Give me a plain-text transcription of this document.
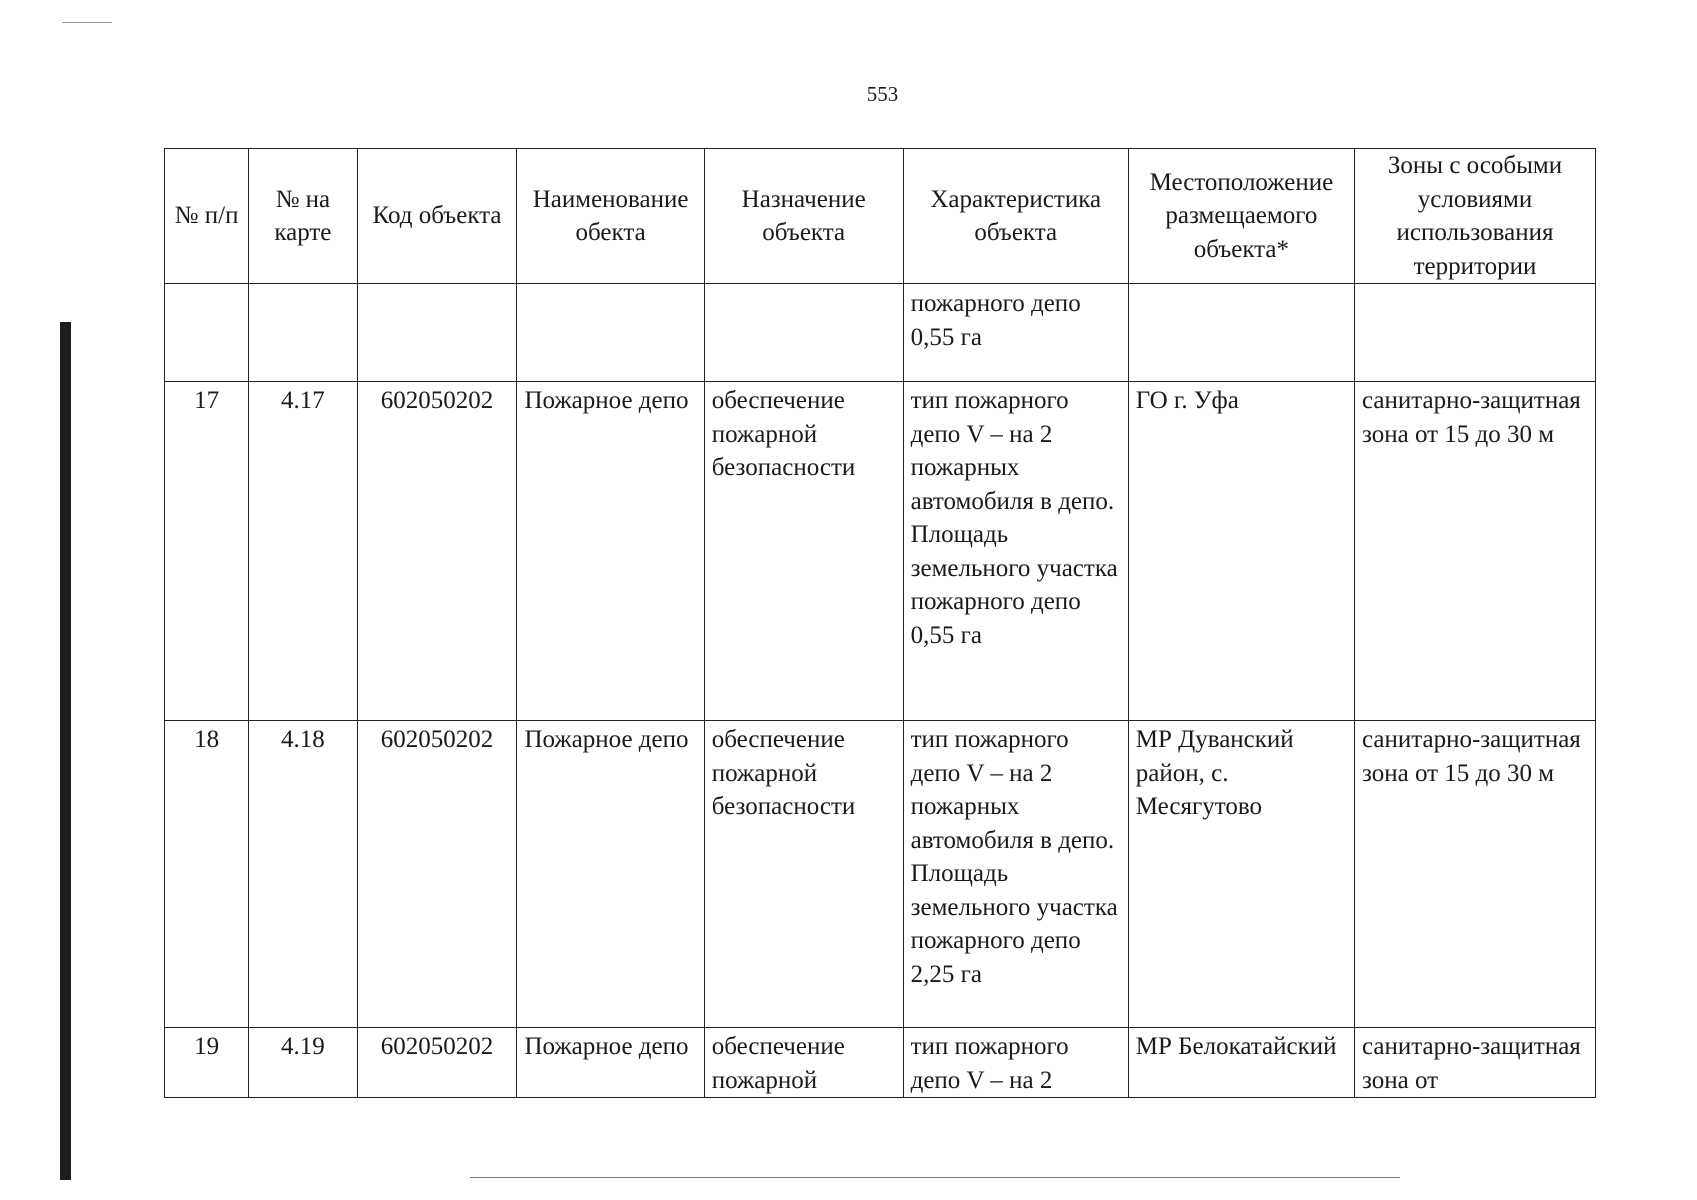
553
№ п/п	№ на карте	Код объекта	Наименование обекта	Назначение объекта	Характеристика объекта	Местоположение размещаемого объекта*	Зоны с особыми условиями использования территории
					пожарного депо 0,55 га		
17	4.17	602050202	Пожарное депо	обеспечение пожарной безопасности	тип пожарного депо V – на 2 пожарных автомобиля в депо. Площадь земельного участка пожарного депо 0,55 га	ГО г. Уфа	санитарно-защитная зона от 15 до 30 м
18	4.18	602050202	Пожарное депо	обеспечение пожарной безопасности	тип пожарного депо V – на 2 пожарных автомобиля в депо. Площадь земельного участка пожарного депо 2,25 га	МР Дуванский район, с. Месягутово	санитарно-защитная зона от 15 до 30 м
19	4.19	602050202	Пожарное депо	обеспечение пожарной	тип пожарного депо V – на 2	МР Белокатайский	санитарно-защитная зона от
